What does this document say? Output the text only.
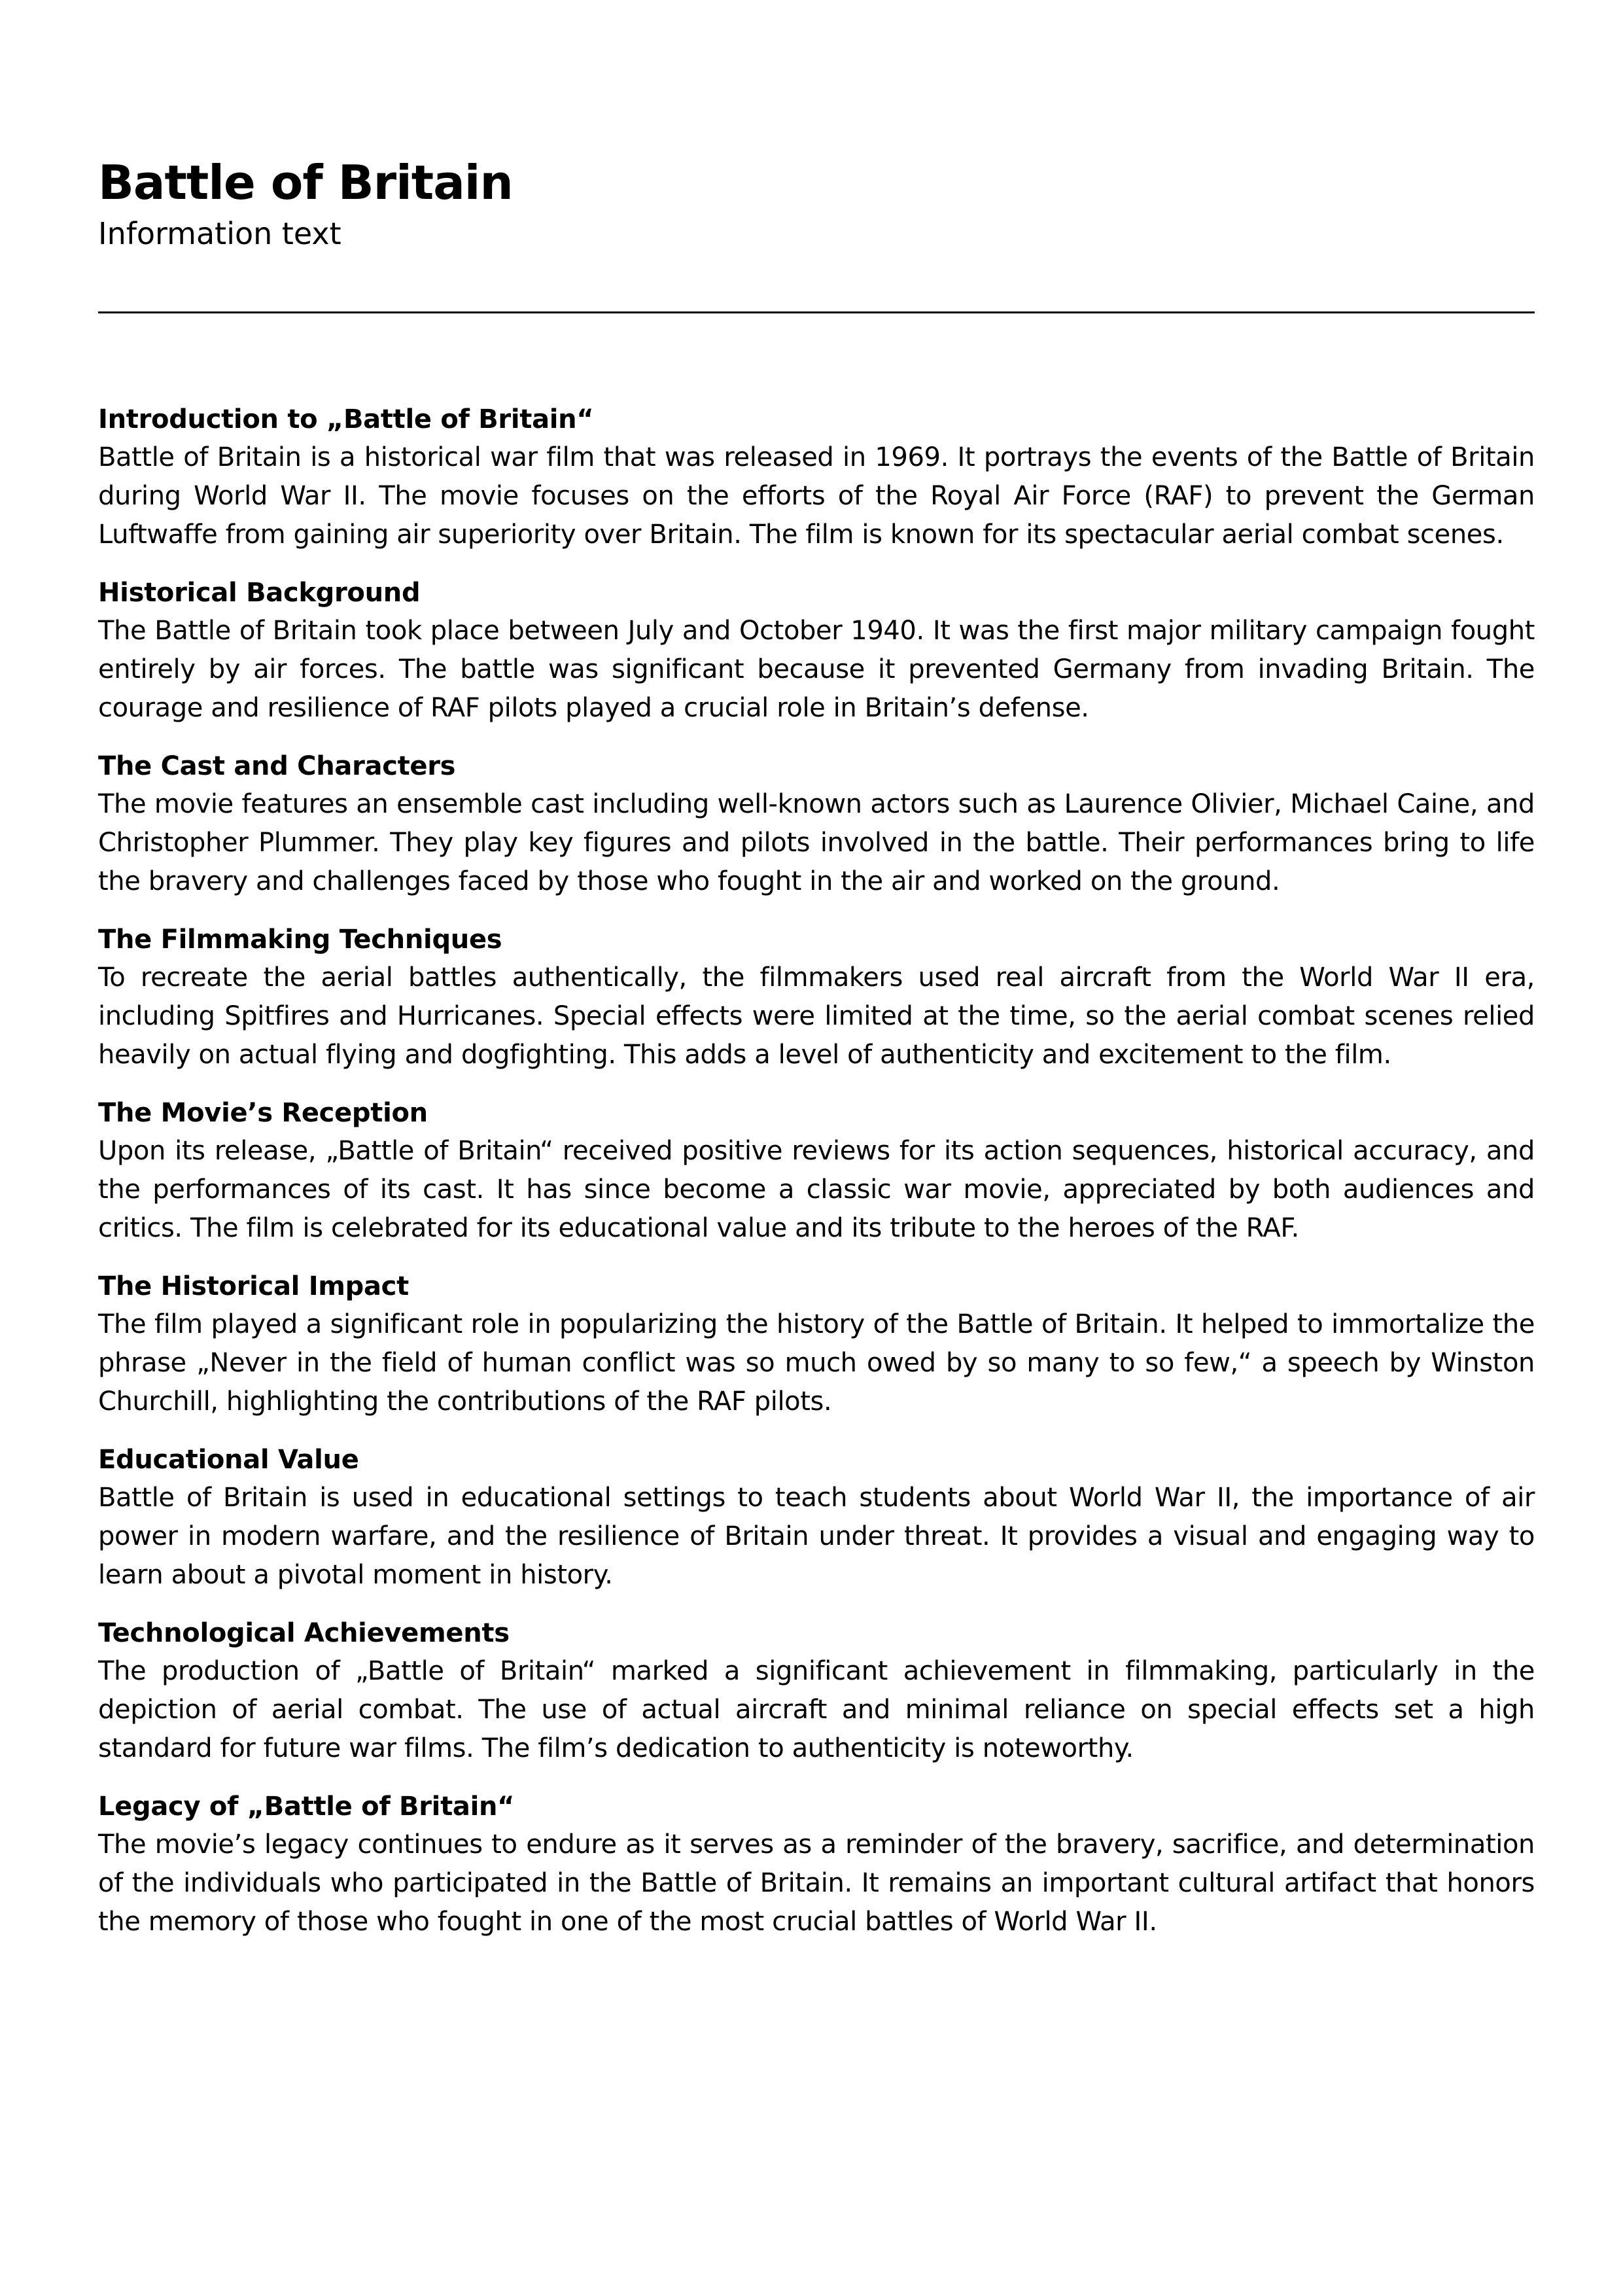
Battle of Britain
Information text
Introduction to „Battle of Britain“

Battle of Britain is a historical war film that was released in 1969. It portrays the events of the Battle of Britain during World War II. The movie focuses on the efforts of the Royal Air Force (RAF) to prevent the German Luftwaffe from gaining air superiority over Britain. The film is known for its spectacular aerial combat scenes.

Historical Background

The Battle of Britain took place between July and October 1940. It was the first major military campaign fought entirely by air forces. The battle was significant because it prevented Germany from invading Britain. The courage and resilience of RAF pilots played a crucial role in Britain’s defense.

The Cast and Characters

The movie features an ensemble cast including well-known actors such as Laurence Olivier, Michael Caine, and Christopher Plummer. They play key figures and pilots involved in the battle. Their performances bring to life the bravery and challenges faced by those who fought in the air and worked on the ground.

The Filmmaking Techniques

To recreate the aerial battles authentically, the filmmakers used real aircraft from the World War II era, including Spitfires and Hurricanes. Special effects were limited at the time, so the aerial combat scenes relied heavily on actual flying and dogfighting. This adds a level of authenticity and excitement to the film.

The Movie’s Reception

Upon its release, „Battle of Britain“ received positive reviews for its action sequences, historical accuracy, and the performances of its cast. It has since become a classic war movie, appreciated by both audiences and critics. The film is celebrated for its educational value and its tribute to the heroes of the RAF.

The Historical Impact

The film played a significant role in popularizing the history of the Battle of Britain. It helped to immortalize the phrase „Never in the field of human conflict was so much owed by so many to so few,“ a speech by Winston Churchill, highlighting the contributions of the RAF pilots.

Educational Value

Battle of Britain is used in educational settings to teach students about World War II, the importance of air power in modern warfare, and the resilience of Britain under threat. It provides a visual and engaging way to learn about a pivotal moment in history.

Technological Achievements

The production of „Battle of Britain“ marked a significant achievement in filmmaking, particularly in the depiction of aerial combat. The use of actual aircraft and minimal reliance on special effects set a high standard for future war films. The film’s dedication to authenticity is noteworthy.

Legacy of „Battle of Britain“

The movie’s legacy continues to endure as it serves as a reminder of the bravery, sacrifice, and determination of the individuals who participated in the Battle of Britain. It remains an important cultural artifact that honors the memory of those who fought in one of the most crucial battles of World War II.
